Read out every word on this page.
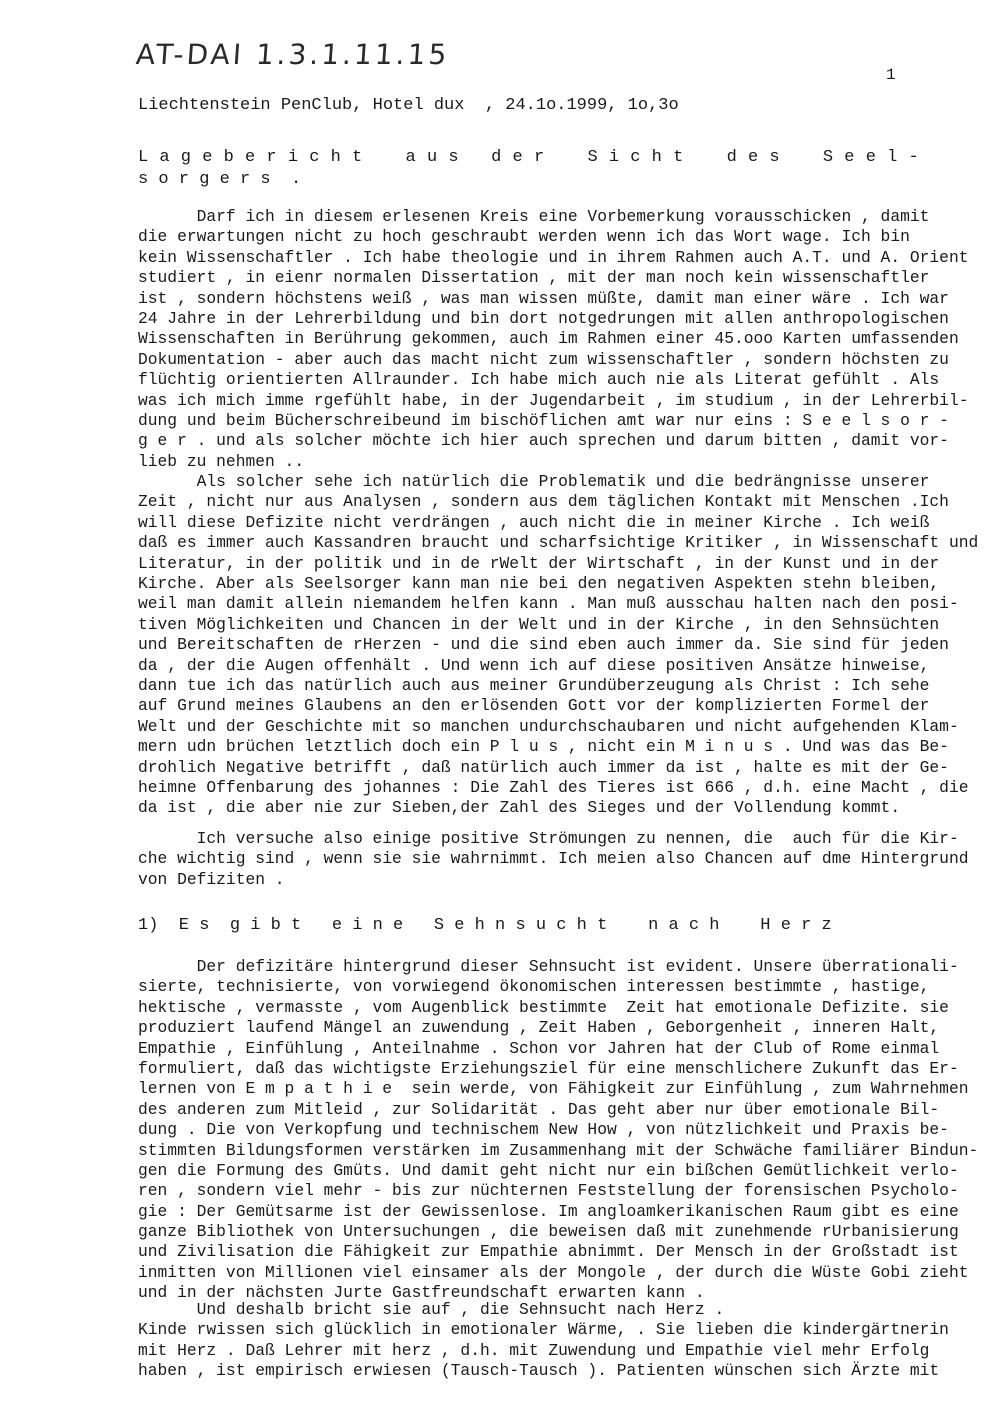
AT-DAI 1.3.1.11.15
1
Liechtenstein PenClub, Hotel dux  , 24.1o.1999, 1o,3o
L a g e b e r i c h t    a u s   d e r    S i c h t    d e s    S e e l -
s o r g e r s  .
Darf ich in diesem erlesenen Kreis eine Vorbemerkung vorausschicken , damit
die erwartungen nicht zu hoch geschraubt werden wenn ich das Wort wage. Ich bin
kein Wissenschaftler . Ich habe theologie und in ihrem Rahmen auch A.T. und A. Orient
studiert , in eienr normalen Dissertation , mit der man noch kein wissenschaftler
ist , sondern höchstens weiß , was man wissen müßte, damit man einer wäre . Ich war
24 Jahre in der Lehrerbildung und bin dort notgedrungen mit allen anthropologischen
Wissenschaften in Berührung gekommen, auch im Rahmen einer 45.ooo Karten umfassenden
Dokumentation - aber auch das macht nicht zum wissenschaftler , sondern höchsten zu
flüchtig orientierten Allraunder. Ich habe mich auch nie als Literat gefühlt . Als
was ich mich imme rgefühlt habe, in der Jugendarbeit , im studium , in der Lehrerbil-
dung und beim Bücherschreibeund im bischöflichen amt war nur eins : S e e l s o r -
g e r . und als solcher möchte ich hier auch sprechen und darum bitten , damit vor-
lieb zu nehmen ..
Als solcher sehe ich natürlich die Problematik und die bedrängnisse unserer
Zeit , nicht nur aus Analysen , sondern aus dem täglichen Kontakt mit Menschen .Ich
will diese Defizite nicht verdrängen , auch nicht die in meiner Kirche . Ich weiß
daß es immer auch Kassandren braucht und scharfsichtige Kritiker , in Wissenschaft und
Literatur, in der politik und in de rWelt der Wirtschaft , in der Kunst und in der
Kirche. Aber als Seelsorger kann man nie bei den negativen Aspekten stehn bleiben,
weil man damit allein niemandem helfen kann . Man muß ausschau halten nach den posi-
tiven Möglichkeiten und Chancen in der Welt und in der Kirche , in den Sehnsüchten
und Bereitschaften de rHerzen - und die sind eben auch immer da. Sie sind für jeden
da , der die Augen offenhält . Und wenn ich auf diese positiven Ansätze hinweise,
dann tue ich das natürlich auch aus meiner Grundüberzeugung als Christ : Ich sehe
auf Grund meines Glaubens an den erlösenden Gott vor der komplizierten Formel der
Welt und der Geschichte mit so manchen undurchschaubaren und nicht aufgehenden Klam-
mern udn brüchen letztlich doch ein P l u s , nicht ein M i n u s . Und was das Be-
drohlich Negative betrifft , daß natürlich auch immer da ist , halte es mit der Ge-
heimne Offenbarung des johannes : Die Zahl des Tieres ist 666 , d.h. eine Macht , die
da ist , die aber nie zur Sieben,der Zahl des Sieges und der Vollendung kommt.
Ich versuche also einige positive Strömungen zu nennen, die  auch für die Kir-
che wichtig sind , wenn sie sie wahrnimmt. Ich meien also Chancen auf dme Hintergrund
von Defiziten .
1)  E s  g i b t   e i n e   S e h n s u c h t    n a c h    H e r z
Der defizitäre hintergrund dieser Sehnsucht ist evident. Unsere überrationali-
sierte, technisierte, von vorwiegend ökonomischen interessen bestimmte , hastige,
hektische , vermasste , vom Augenblick bestimmte  Zeit hat emotionale Defizite. sie
produziert laufend Mängel an zuwendung , Zeit Haben , Geborgenheit , inneren Halt,
Empathie , Einfühlung , Anteilnahme . Schon vor Jahren hat der Club of Rome einmal
formuliert, daß das wichtigste Erziehungsziel für eine menschlichere Zukunft das Er-
lernen von E m p a t h i e  sein werde, von Fähigkeit zur Einfühlung , zum Wahrnehmen
des anderen zum Mitleid , zur Solidarität . Das geht aber nur über emotionale Bil-
dung . Die von Verkopfung und technischem New How , von nützlichkeit und Praxis be-
stimmten Bildungsformen verstärken im Zusammenhang mit der Schwäche familiärer Bindun-
gen die Formung des Gmüts. Und damit geht nicht nur ein bißchen Gemütlichkeit verlo-
ren , sondern viel mehr - bis zur nüchternen Feststellung der forensischen Psycholo-
gie : Der Gemütsarme ist der Gewissenlose. Im angloamkerikanischen Raum gibt es eine
ganze Bibliothek von Untersuchungen , die beweisen daß mit zunehmende rUrbanisierung
und Zivilisation die Fähigkeit zur Empathie abnimmt. Der Mensch in der Großstadt ist
inmitten von Millionen viel einsamer als der Mongole , der durch die Wüste Gobi zieht
und in der nächsten Jurte Gastfreundschaft erwarten kann .
Und deshalb bricht sie auf , die Sehnsucht nach Herz .
Kinde rwissen sich glücklich in emotionaler Wärme, . Sie lieben die kindergärtnerin
mit Herz . Daß Lehrer mit herz , d.h. mit Zuwendung und Empathie viel mehr Erfolg
haben , ist empirisch erwiesen (Tausch-Tausch ). Patienten wünschen sich Ärzte mit
